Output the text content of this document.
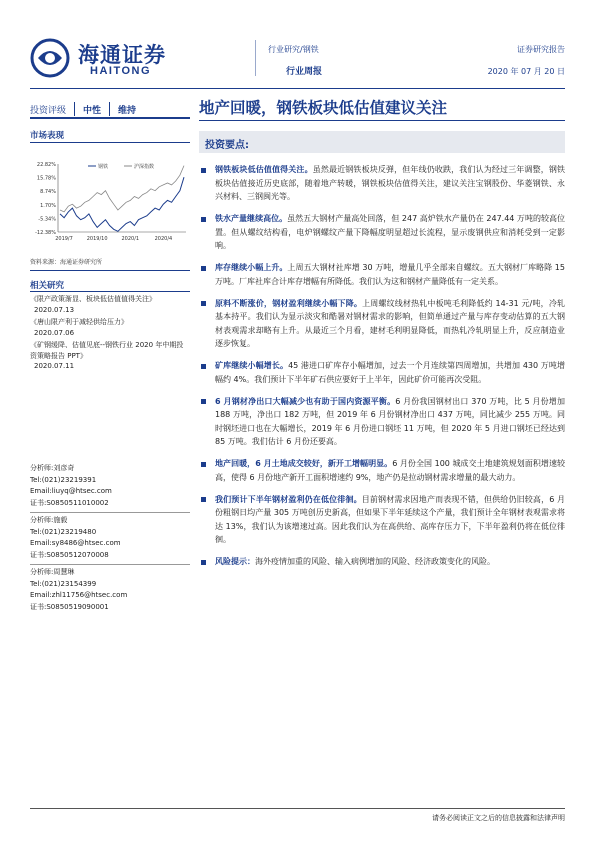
海通证券
HAITONG
行业研究/钢铁
行业周报
证券研究报告
2020 年 07 月 20 日
投资评级 中性 维持	地产回暖，钢铁板块低估值建议关注
市场表现
22.82%
15.78%
8.74%
1.70%
-5.34%
-12.38%
2019/7	2019/10	2020/1	2020/4
钢铁	沪深指数
资料来源：海通证券研究所
相关研究
《限产政策渐显、板块低估值值得关注》
2020.07.13
《唐山限产利于减轻供给压力》
2020.07.06
《矿钢缓降、估值见底--钢铁行业 2020 年中期投资策略报告 PPT》
2020.07.11
分析师:刘彦奇
Tel:(021)23219391
Email:liuyq@htsec.com
证书:S0850511010002
分析师:施毅
Tel:(021)23219480
Email:sy8486@htsec.com
证书:S0850512070008
分析师:周慧琳
Tel:(021)23154399
Email:zhl11756@htsec.com
证书:S0850519090001
投资要点:
钢铁板块低估值值得关注。虽然最近钢铁板块反弹，但年线仍收跌，我们认为经过三年调整，钢铁板块估值接近历史底部，随着地产转暖，钢铁板块估值得关注，建议关注宝钢股份、华菱钢铁、永兴材料、三钢闽光等。
铁水产量继续高位。虽然五大钢材产量高处回落，但 247 高炉铁水产量仍在 247.44 万吨的较高位置。但从螺纹结构看，电炉钢螺纹产量下降幅度明显超过长流程，显示废钢供应和消耗受到一定影响。
库存继续小幅上升。上周五大钢材社库增 30 万吨，增量几乎全部来自螺纹。五大钢材厂库略降 15 万吨。厂库社库合计库存增幅有所降低。我们认为这和钢材产量降低有一定关系。
原料不断涨价，钢材盈利继续小幅下降。上周螺纹线材热轧中板吨毛利降低约 14-31 元/吨，冷轧基本持平。我们认为显示淡灾和酷暑对钢材需求的影响，但简单通过产量与库存变动估算的五大钢材表观需求却略有上升。从最近三个月看，建材毛利明显降低，而热轧冷轧明显上升，反应制造业逐步恢复。
矿库继续小幅增长。45 港进口矿库存小幅增加，过去一个月连续第四周增加，共增加 430 万吨增幅约 4%。我们预计下半年矿石供应要好于上半年，因此矿价可能再次受阻。
6 月钢材净出口大幅减少也有助于国内资源平衡。6 月份我国钢材出口 370 万吨，比 5 月份增加 188 万吨，净出口 182 万吨，但 2019 年 6 月份钢材净出口 437 万吨，同比减少 255 万吨。同时钢坯进口也在大幅增长，2019 年 6 月份进口钢坯 11 万吨，但 2020 年 5 月进口钢坯已经达到 85 万吨。我们估计 6 月份还要高。
地产回暖，6 月土地成交较好，新开工增幅明显。6 月份全国 100 城成交土地建筑规划面积增速较高，使得 6 月份地产新开工面积增速约 9%，地产仍是拉动钢材需求增量的最大动力。
我们预计下半年钢材盈利仍在低位徘徊。目前钢材需求因地产而表现不错，但供给仍旧较高，6 月份粗钢日均产量 305 万吨创历史新高，但如果下半年延续这个产量，我们预计全年钢材表观需求将达 13%，我们认为该增速过高。因此我们认为在高供给、高库存压力下，下半年盈利仍将在低位徘徊。
风险提示：海外疫情加重的风险、输入病例增加的风险、经济政策变化的风险。
请务必阅读正文之后的信息披露和法律声明
